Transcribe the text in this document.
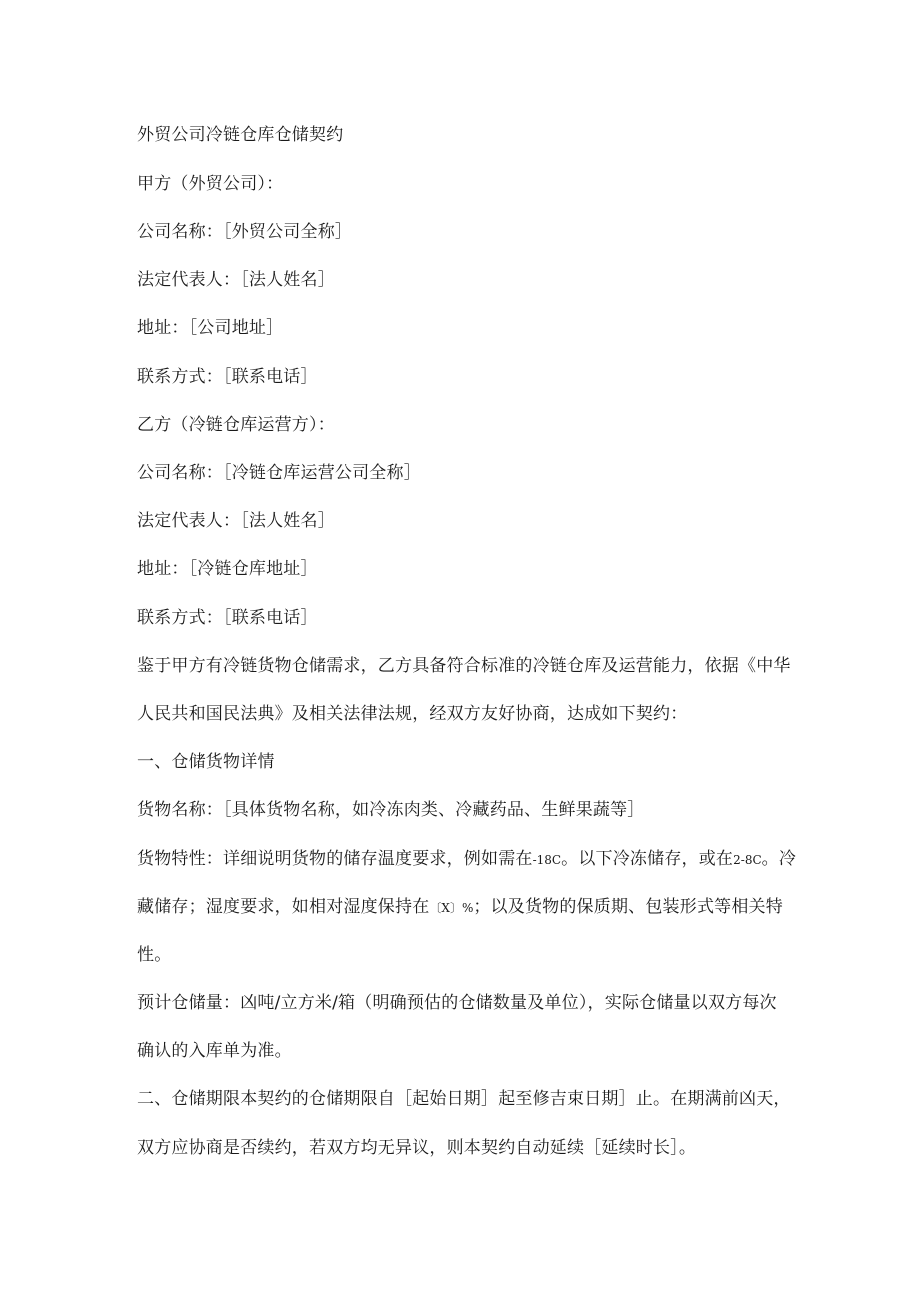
外贸公司冷链仓库仓储契约
甲方（外贸公司）：
公司名称：［外贸公司全称］
法定代表人：［法人姓名］
地址：［公司地址］
联系方式：［联系电话］
乙方（冷链仓库运营方）：
公司名称：［冷链仓库运营公司全称］
法定代表人：［法人姓名］
地址：［冷链仓库地址］
联系方式：［联系电话］
鉴于甲方有冷链货物仓储需求，乙方具备符合标准的冷链仓库及运营能力，依据《中华
人民共和国民法典》及相关法律法规，经双方友好协商，达成如下契约：
一、仓储货物详情
货物名称：［具体货物名称，如冷冻肉类、冷藏药品、生鲜果蔬等］
货物特性：详细说明货物的储存温度要求，例如需在-18C。以下冷冻储存，或在2-8C。冷
藏储存；湿度要求，如相对湿度保持在〔X〕%；以及货物的保质期、包装形式等相关特
性。
预计仓储量：凶吨/立方米/箱（明确预估的仓储数量及单位），实际仓储量以双方每次
确认的入库单为准。
二、仓储期限本契约的仓储期限自［起始日期］起至修吉束日期］止。在期满前凶天，
双方应协商是否续约，若双方均无异议，则本契约自动延续［延续时长］。
